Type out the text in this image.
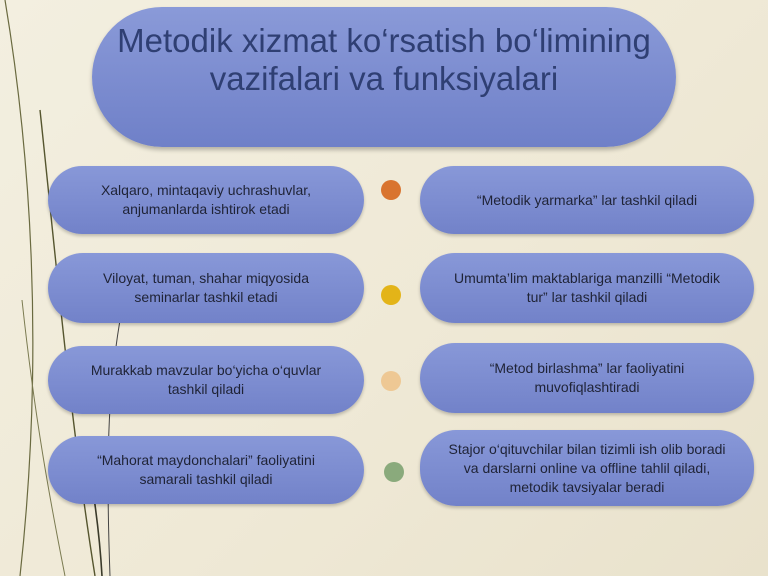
Metodik xizmat ko‘rsatish bo‘limining vazifalari va funksiyalari
Xalqaro, mintaqaviy uchrashuvlar, anjumanlarda ishtirok etadi
Viloyat, tuman, shahar miqyosida seminarlar tashkil etadi
Murakkab mavzular bo‘yicha o‘quvlar tashkil qiladi
“Mahorat maydonchalari” faoliyatini samarali tashkil qiladi
“Metodik yarmarka” lar tashkil qiladi
Umumta’lim maktablariga manzilli “Metodik tur” lar tashkil qiladi
“Metod birlashma” lar faoliyatini muvofiqlashtiradi
Stajor o‘qituvchilar bilan tizimli ish olib boradi va darslarni online va offline tahlil qiladi, metodik tavsiyalar beradi
